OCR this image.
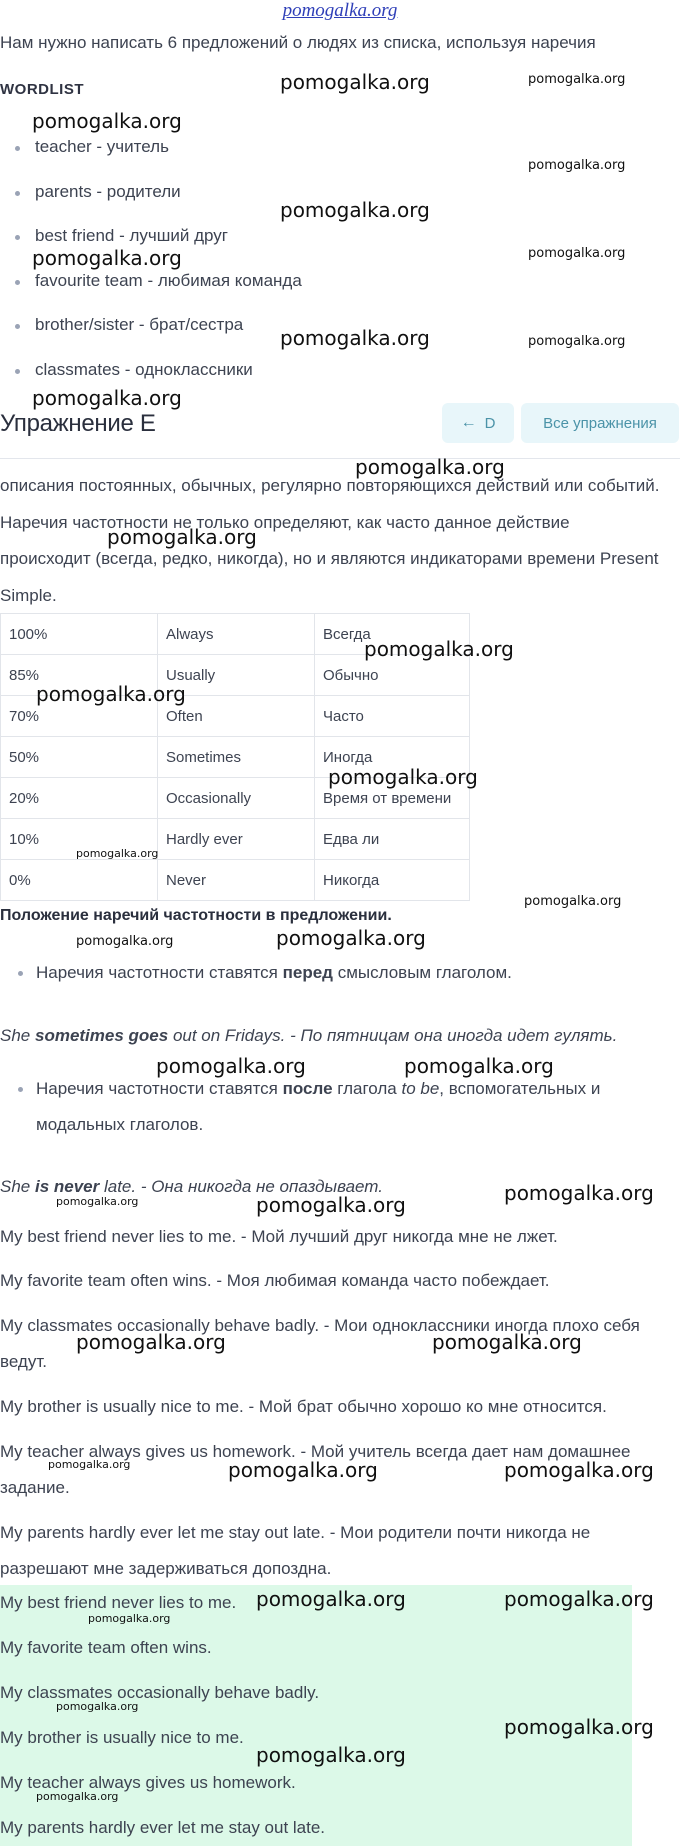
pomogalka.org
Нам нужно написать 6 предложений о людях из списка, используя наречия
WORDLIST
teacher - учитель
parents - родители
best friend - лучший друг
favourite team - любимая команда
brother/sister - брат/сестра
classmates - одноклассники
Упражнение E	← D	Все упражнения
описания постоянных, обычных, регулярно повторяющихся действий или событий. Наречия частотности не только определяют, как часто данное действие происходит (всегда, редко, никогда), но и являются индикаторами времени Present Simple.
100%	Always	Всегда
85%	Usually	Обычно
70%	Often	Часто
50%	Sometimes	Иногда
20%	Occasionally	Время от времени
10%	Hardly ever	Едва ли
0%	Never	Никогда
Положение наречий частотности в предложении.
Наречия частотности ставятся перед смысловым глаголом.
She sometimes goes out on Fridays. - По пятницам она иногда идет гулять.
Наречия частотности ставятся после глагола to be, вспомогательных и модальных глаголов.
She is never late. - Она никогда не опаздывает.
My best friend never lies to me. - Мой лучший друг никогда мне не лжет.
My favorite team often wins. - Моя любимая команда часто побеждает.
My classmates occasionally behave badly. - Мои одноклассники иногда плохо себя ведут.
My brother is usually nice to me. - Мой брат обычно хорошо ко мне относится.
My teacher always gives us homework. - Мой учитель всегда дает нам домашнее задание.
My parents hardly ever let me stay out late. - Мои родители почти никогда не разрешают мне задерживаться допоздна.
My best friend never lies to me.
My favorite team often wins.
My classmates occasionally behave badly.
My brother is usually nice to me.
My teacher always gives us homework.
My parents hardly ever let me stay out late.
pomogalka.org	pomogalka.org
pomogalka.org
pomogalka.org
pomogalka.org
pomogalka.org	pomogalka.org
pomogalka.org	pomogalka.org
pomogalka.org
pomogalka.org
pomogalka.org
pomogalka.org
pomogalka.org
pomogalka.org
pomogalka.org
pomogalka.org
pomogalka.org	pomogalka.org
pomogalka.org	pomogalka.org
pomogalka.org
pomogalka.org	pomogalka.org
pomogalka.org	pomogalka.org
pomogalka.org	pomogalka.org	pomogalka.org
pomogalka.org	pomogalka.org
pomogalka.org
pomogalka.org
pomogalka.org
pomogalka.org
pomogalka.org
